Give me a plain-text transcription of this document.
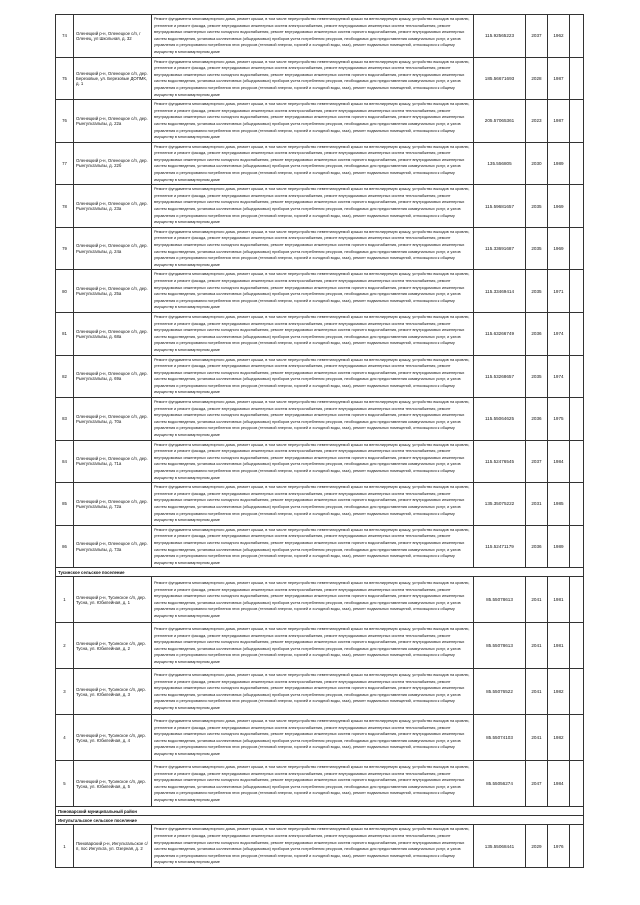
74	Оленецкий р-н, Оленецкое с/п, г Оленец, ул Школьная, д. 32	Ремонт фундамента многоквартирного дома, ремонт крыши, в том числе переустройство невентилируемой крыши на вентилируемую крышу, устройство выходов на кровлю, утепление и ремонт фасада, ремонт внутридомовых инженерных систем электроснабжения, ремонт внутридомовых инженерных систем теплоснабжения, ремонт внутридомовых инженерных систем холодного водоснабжения, ремонт внутридомовых инженерных систем горячего водоснабжения, ремонт внутридомовых инженерных систем водоотведения, установка коллективных (общедомовых) приборов учета потребления ресурсов, необходимых для предоставления коммунальных услуг, и узлов управления и регулирования потребления этих ресурсов (тепловой энергии, горячей и холодной воды, газа), ремонт подвальных помещений, относящихся к общему имуществу в многоквартирном доме	115.92565223	2037	1962	
75	Оленецкий р-н, Оленецкое с/п, дер. Березовые, ул. Березовые ДОПМК, д. 1	Ремонт фундамента многоквартирного дома, ремонт крыши, в том числе переустройство невентилируемой крыши на вентилируемую крышу, устройство выходов на кровлю, утепление и ремонт фасада, ремонт внутридомовых инженерных систем электроснабжения, ремонт внутридомовых инженерных систем теплоснабжения, ремонт внутридомовых инженерных систем холодного водоснабжения, ремонт внутридомовых инженерных систем горячего водоснабжения, ремонт внутридомовых инженерных систем водоотведения, установка коллективных (общедомовых) приборов учета потребления ресурсов, необходимых для предоставления коммунальных услуг, и узлов управления и регулирования потребления этих ресурсов (тепловой энергии, горячей и холодной воды, газа), ремонт подвальных помещений, относящихся к общему имуществу в многоквартирном доме	185.56671693	2028	1987	
76	Оленецкий р-н, Оленецкое с/п, дер. Рынгультальвы, д. 22а	Ремонт фундамента многоквартирного дома, ремонт крыши, в том числе переустройство невентилируемой крыши на вентилируемую крышу, устройство выходов на кровлю, утепление и ремонт фасада, ремонт внутридомовых инженерных систем электроснабжения, ремонт внутридомовых инженерных систем теплоснабжения, ремонт внутридомовых инженерных систем холодного водоснабжения, ремонт внутридомовых инженерных систем горячего водоснабжения, ремонт внутридомовых инженерных систем водоотведения, установка коллективных (общедомовых) приборов учета потребления ресурсов, необходимых для предоставления коммунальных услуг, и узлов управления и регулирования потребления этих ресурсов (тепловой энергии, горячей и холодной воды, газа), ремонт подвальных помещений, относящихся к общему имуществу в многоквартирном доме	205.57065361	2023	1987	
77	Оленецкий р-н, Оленецкое с/п, дер. Рынгультальвы, д. 22б	Ремонт фундамента многоквартирного дома, ремонт крыши, в том числе переустройство невентилируемой крыши на вентилируемую крышу, устройство выходов на кровлю, утепление и ремонт фасада, ремонт внутридомовых инженерных систем электроснабжения, ремонт внутридомовых инженерных систем теплоснабжения, ремонт внутридомовых инженерных систем холодного водоснабжения, ремонт внутридомовых инженерных систем горячего водоснабжения, ремонт внутридомовых инженерных систем водоотведения, установка коллективных (общедомовых) приборов учета потребления ресурсов, необходимых для предоставления коммунальных услуг, и узлов управления и регулирования потребления этих ресурсов (тепловой энергии, горячей и холодной воды, газа), ремонт подвальных помещений, относящихся к общему имуществу в многоквартирном доме	135.556805	2030	1989	
78	Оленецкий р-н, Оленецкое с/п, дер. Рынгультальвы, д. 23а	Ремонт фундамента многоквартирного дома, ремонт крыши, в том числе переустройство невентилируемой крыши на вентилируемую крышу, устройство выходов на кровлю, утепление и ремонт фасада, ремонт внутридомовых инженерных систем электроснабжения, ремонт внутридомовых инженерных систем теплоснабжения, ремонт внутридомовых инженерных систем холодного водоснабжения, ремонт внутридомовых инженерных систем горячего водоснабжения, ремонт внутридомовых инженерных систем водоотведения, установка коллективных (общедомовых) приборов учета потребления ресурсов, необходимых для предоставления коммунальных услуг, и узлов управления и регулирования потребления этих ресурсов (тепловой энергии, горячей и холодной воды, газа), ремонт подвальных помещений, относящихся к общему имуществу в многоквартирном доме	115.59681657	2035	1969	
79	Оленецкий р-н, Оленецкое с/п, дер. Рынгультальвы, д. 24а	Ремонт фундамента многоквартирного дома, ремонт крыши, в том числе переустройство невентилируемой крыши на вентилируемую крышу, устройство выходов на кровлю, утепление и ремонт фасада, ремонт внутридомовых инженерных систем электроснабжения, ремонт внутридомовых инженерных систем теплоснабжения, ремонт внутридомовых инженерных систем холодного водоснабжения, ремонт внутридомовых инженерных систем горячего водоснабжения, ремонт внутридомовых инженерных систем водоотведения, установка коллективных (общедомовых) приборов учета потребления ресурсов, необходимых для предоставления коммунальных услуг, и узлов управления и регулирования потребления этих ресурсов (тепловой энергии, горячей и холодной воды, газа), ремонт подвальных помещений, относящихся к общему имуществу в многоквартирном доме	115.33691687	2035	1969	
80	Оленецкий р-н, Оленецкое с/п, дер. Рынгультальвы, д. 25а	Ремонт фундамента многоквартирного дома, ремонт крыши, в том числе переустройство невентилируемой крыши на вентилируемую крышу, устройство выходов на кровлю, утепление и ремонт фасада, ремонт внутридомовых инженерных систем электроснабжения, ремонт внутридомовых инженерных систем теплоснабжения, ремонт внутридомовых инженерных систем холодного водоснабжения, ремонт внутридомовых инженерных систем горячего водоснабжения, ремонт внутридомовых инженерных систем водоотведения, установка коллективных (общедомовых) приборов учета потребления ресурсов, необходимых для предоставления коммунальных услуг, и узлов управления и регулирования потребления этих ресурсов (тепловой энергии, горячей и холодной воды, газа), ремонт подвальных помещений, относящихся к общему имуществу в многоквартирном доме	115.33469414	2035	1971	
81	Оленецкий р-н, Оленецкое с/п, дер. Рынгультальвы, д. 68а	Ремонт фундамента многоквартирного дома, ремонт крыши, в том числе переустройство невентилируемой крыши на вентилируемую крышу, устройство выходов на кровлю, утепление и ремонт фасада, ремонт внутридомовых инженерных систем электроснабжения, ремонт внутридомовых инженерных систем теплоснабжения, ремонт внутридомовых инженерных систем холодного водоснабжения, ремонт внутридомовых инженерных систем горячего водоснабжения, ремонт внутридомовых инженерных систем водоотведения, установка коллективных (общедомовых) приборов учета потребления ресурсов, необходимых для предоставления коммунальных услуг, и узлов управления и регулирования потребления этих ресурсов (тепловой энергии, горячей и холодной воды, газа), ремонт подвальных помещений, относящихся к общему имуществу в многоквартирном доме	115.63266749	2036	1974	
82	Оленецкий р-н, Оленецкое с/п, дер. Рынгультальвы, д. 69а	Ремонт фундамента многоквартирного дома, ремонт крыши, в том числе переустройство невентилируемой крыши на вентилируемую крышу, устройство выходов на кровлю, утепление и ремонт фасада, ремонт внутридомовых инженерных систем электроснабжения, ремонт внутридомовых инженерных систем теплоснабжения, ремонт внутридомовых инженерных систем холодного водоснабжения, ремонт внутридомовых инженерных систем горячего водоснабжения, ремонт внутридомовых инженерных систем водоотведения, установка коллективных (общедомовых) приборов учета потребления ресурсов, необходимых для предоставления коммунальных услуг, и узлов управления и регулирования потребления этих ресурсов (тепловой энергии, горячей и холодной воды, газа), ремонт подвальных помещений, относящихся к общему имуществу в многоквартирном доме	115.53268657	2035	1974	
83	Оленецкий р-н, Оленецкое с/п, дер. Рынгультальвы, д. 70а	Ремонт фундамента многоквартирного дома, ремонт крыши, в том числе переустройство невентилируемой крыши на вентилируемую крышу, устройство выходов на кровлю, утепление и ремонт фасада, ремонт внутридомовых инженерных систем электроснабжения, ремонт внутридомовых инженерных систем теплоснабжения, ремонт внутридомовых инженерных систем холодного водоснабжения, ремонт внутридомовых инженерных систем горячего водоснабжения, ремонт внутридомовых инженерных систем водоотведения, установка коллективных (общедомовых) приборов учета потребления ресурсов, необходимых для предоставления коммунальных услуг, и узлов управления и регулирования потребления этих ресурсов (тепловой энергии, горячей и холодной воды, газа), ремонт подвальных помещений, относящихся к общему имуществу в многоквартирном доме	115.55064625	2036	1975	
84	Оленецкий р-н, Оленецкое с/п, дер. Рынгультальвы, д. 71а	Ремонт фундамента многоквартирного дома, ремонт крыши, в том числе переустройство невентилируемой крыши на вентилируемую крышу, устройство выходов на кровлю, утепление и ремонт фасада, ремонт внутридомовых инженерных систем электроснабжения, ремонт внутридомовых инженерных систем теплоснабжения, ремонт внутридомовых инженерных систем холодного водоснабжения, ремонт внутридомовых инженерных систем горячего водоснабжения, ремонт внутридомовых инженерных систем водоотведения, установка коллективных (общедомовых) приборов учета потребления ресурсов, необходимых для предоставления коммунальных услуг, и узлов управления и регулирования потребления этих ресурсов (тепловой энергии, горячей и холодной воды, газа), ремонт подвальных помещений, относящихся к общему имуществу в многоквартирном доме	115.52476545	2037	1984	
85	Оленецкий р-н, Оленецкое с/п, дер. Рынгультальвы, д. 72а	Ремонт фундамента многоквартирного дома, ремонт крыши, в том числе переустройство невентилируемой крыши на вентилируемую крышу, устройство выходов на кровлю, утепление и ремонт фасада, ремонт внутридомовых инженерных систем электроснабжения, ремонт внутридомовых инженерных систем теплоснабжения, ремонт внутридомовых инженерных систем холодного водоснабжения, ремонт внутридомовых инженерных систем горячего водоснабжения, ремонт внутридомовых инженерных систем водоотведения, установка коллективных (общедомовых) приборов учета потребления ресурсов, необходимых для предоставления коммунальных услуг, и узлов управления и регулирования потребления этих ресурсов (тепловой энергии, горячей и холодной воды, газа), ремонт подвальных помещений, относящихся к общему имуществу в многоквартирном доме	135.35075222	2031	1985	
86	Оленецкий р-н, Оленецкое с/п, дер. Рынгультальвы, д. 73а	Ремонт фундамента многоквартирного дома, ремонт крыши, в том числе переустройство невентилируемой крыши на вентилируемую крышу, устройство выходов на кровлю, утепление и ремонт фасада, ремонт внутридомовых инженерных систем электроснабжения, ремонт внутридомовых инженерных систем теплоснабжения, ремонт внутридомовых инженерных систем холодного водоснабжения, ремонт внутридомовых инженерных систем горячего водоснабжения, ремонт внутридомовых инженерных систем водоотведения, установка коллективных (общедомовых) приборов учета потребления ресурсов, необходимых для предоставления коммунальных услуг, и узлов управления и регулирования потребления этих ресурсов (тепловой энергии, горячей и холодной воды, газа), ремонт подвальных помещений, относящихся к общему имуществу в многоквартирном доме	115.52471179	2036	1989	
Тусинское сельское поселение						
1	Оленецкий р-н, Тусинское с/п, дер. Тусна, ул. Юбилейная, д. 1	Ремонт фундамента многоквартирного дома, ремонт крыши, в том числе переустройство невентилируемой крыши на вентилируемую крышу, устройство выходов на кровлю, утепление и ремонт фасада, ремонт внутридомовых инженерных систем электроснабжения, ремонт внутридомовых инженерных систем теплоснабжения, ремонт внутридомовых инженерных систем холодного водоснабжения, ремонт внутридомовых инженерных систем горячего водоснабжения, ремонт внутридомовых инженерных систем водоотведения, установка коллективных (общедомовых) приборов учета потребления ресурсов, необходимых для предоставления коммунальных услуг, и узлов управления и регулирования потребления этих ресурсов (тепловой энергии, горячей и холодной воды, газа), ремонт подвальных помещений, относящихся к общему имуществу в многоквартирном доме	85.55078613	2041	1981	
2	Оленецкий р-н, Тусинское с/п, дер. Тусна, ул. Юбилейная, д. 2	Ремонт фундамента многоквартирного дома, ремонт крыши, в том числе переустройство невентилируемой крыши на вентилируемую крышу, устройство выходов на кровлю, утепление и ремонт фасада, ремонт внутридомовых инженерных систем электроснабжения, ремонт внутридомовых инженерных систем теплоснабжения, ремонт внутридомовых инженерных систем холодного водоснабжения, ремонт внутридомовых инженерных систем горячего водоснабжения, ремонт внутридомовых инженерных систем водоотведения, установка коллективных (общедомовых) приборов учета потребления ресурсов, необходимых для предоставления коммунальных услуг, и узлов управления и регулирования потребления этих ресурсов (тепловой энергии, горячей и холодной воды, газа), ремонт подвальных помещений, относящихся к общему имуществу в многоквартирном доме	85.55078613	2041	1981	
3	Оленецкий р-н, Тусинское с/п, дер. Тусна, ул. Юбилейная, д. 3	Ремонт фундамента многоквартирного дома, ремонт крыши, в том числе переустройство невентилируемой крыши на вентилируемую крышу, устройство выходов на кровлю, утепление и ремонт фасада, ремонт внутридомовых инженерных систем электроснабжения, ремонт внутридомовых инженерных систем теплоснабжения, ремонт внутридомовых инженерных систем холодного водоснабжения, ремонт внутридомовых инженерных систем горячего водоснабжения, ремонт внутридомовых инженерных систем водоотведения, установка коллективных (общедомовых) приборов учета потребления ресурсов, необходимых для предоставления коммунальных услуг, и узлов управления и регулирования потребления этих ресурсов (тепловой энергии, горячей и холодной воды, газа), ремонт подвальных помещений, относящихся к общему имуществу в многоквартирном доме	85.55076522	2041	1982	
4	Оленецкий р-н, Тусинское с/п, дер. Тусна, ул. Юбилейная, д. 4	Ремонт фундамента многоквартирного дома, ремонт крыши, в том числе переустройство невентилируемой крыши на вентилируемую крышу, устройство выходов на кровлю, утепление и ремонт фасада, ремонт внутридомовых инженерных систем электроснабжения, ремонт внутридомовых инженерных систем теплоснабжения, ремонт внутридомовых инженерных систем холодного водоснабжения, ремонт внутридомовых инженерных систем горячего водоснабжения, ремонт внутридомовых инженерных систем водоотведения, установка коллективных (общедомовых) приборов учета потребления ресурсов, необходимых для предоставления коммунальных услуг, и узлов управления и регулирования потребления этих ресурсов (тепловой энергии, горячей и холодной воды, газа), ремонт подвальных помещений, относящихся к общему имуществу в многоквартирном доме	85.55074103	2041	1982	
5	Оленецкий р-н, Тусинское с/п, дер. Тусна, ул. Юбилейная, д. 5	Ремонт фундамента многоквартирного дома, ремонт крыши, в том числе переустройство невентилируемой крыши на вентилируемую крышу, устройство выходов на кровлю, утепление и ремонт фасада, ремонт внутридомовых инженерных систем электроснабжения, ремонт внутридомовых инженерных систем теплоснабжения, ремонт внутридомовых инженерных систем холодного водоснабжения, ремонт внутридомовых инженерных систем горячего водоснабжения, ремонт внутридомовых инженерных систем водоотведения, установка коллективных (общедомовых) приборов учета потребления ресурсов, необходимых для предоставления коммунальных услуг, и узлов управления и регулирования потребления этих ресурсов (тепловой энергии, горячей и холодной воды, газа), ремонт подвальных помещений, относящихся к общему имуществу в многоквартирном доме	85.55056274	2047	1984	
Пиноварский муниципальный район						
Ингультальское сельское поселение						
1	Пиноварский р-н, Ингультальское с/п, пос Ингульта, ул. Озерная, д. 2	Ремонт фундамента многоквартирного дома, ремонт крыши, в том числе переустройство невентилируемой крыши на вентилируемую крышу, устройство выходов на кровлю, утепление и ремонт фасада, ремонт внутридомовых инженерных систем электроснабжения, ремонт внутридомовых инженерных систем теплоснабжения, ремонт внутридомовых инженерных систем холодного водоснабжения, ремонт внутридомовых инженерных систем горячего водоснабжения, ремонт внутридомовых инженерных систем водоотведения, установка коллективных (общедомовых) приборов учета потребления ресурсов, необходимых для предоставления коммунальных услуг, и узлов управления и регулирования потребления этих ресурсов (тепловой энергии, горячей и холодной воды, газа), ремонт подвальных помещений, относящихся к общему имуществу в многоквартирном доме	135.55068441	2029	1976	
